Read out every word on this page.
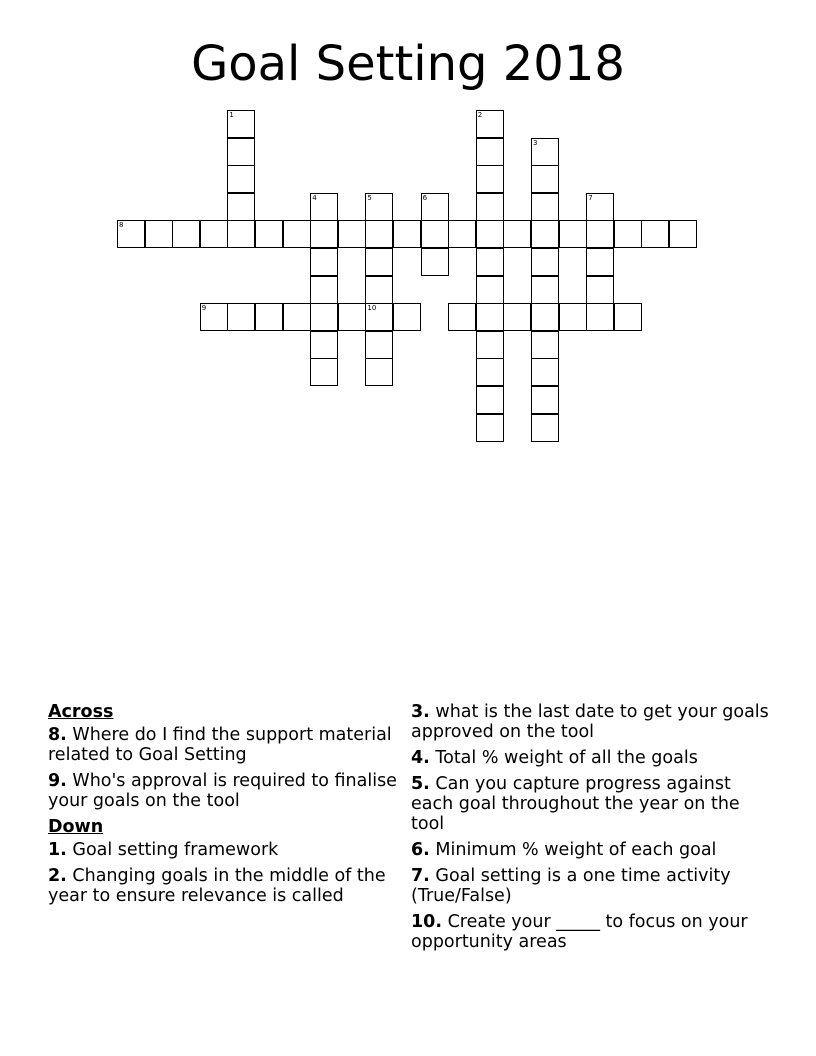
Goal Setting 2018
1	2
3
4	5
10
6	7
8
9
Across
8. Where do I find the support material related to Goal Setting
9. Who's approval is required to finalise your goals on the tool
Down
1. Goal setting framework
2. Changing goals in the middle of the year to ensure relevance is called
3. what is the last date to get your goals approved on the tool
4. Total % weight of all the goals
5. Can you capture progress against each goal throughout the year on the tool
6. Minimum % weight of each goal
7. Goal setting is a one time activity (True/False)
10. Create your _____ to focus on your opportunity areas
